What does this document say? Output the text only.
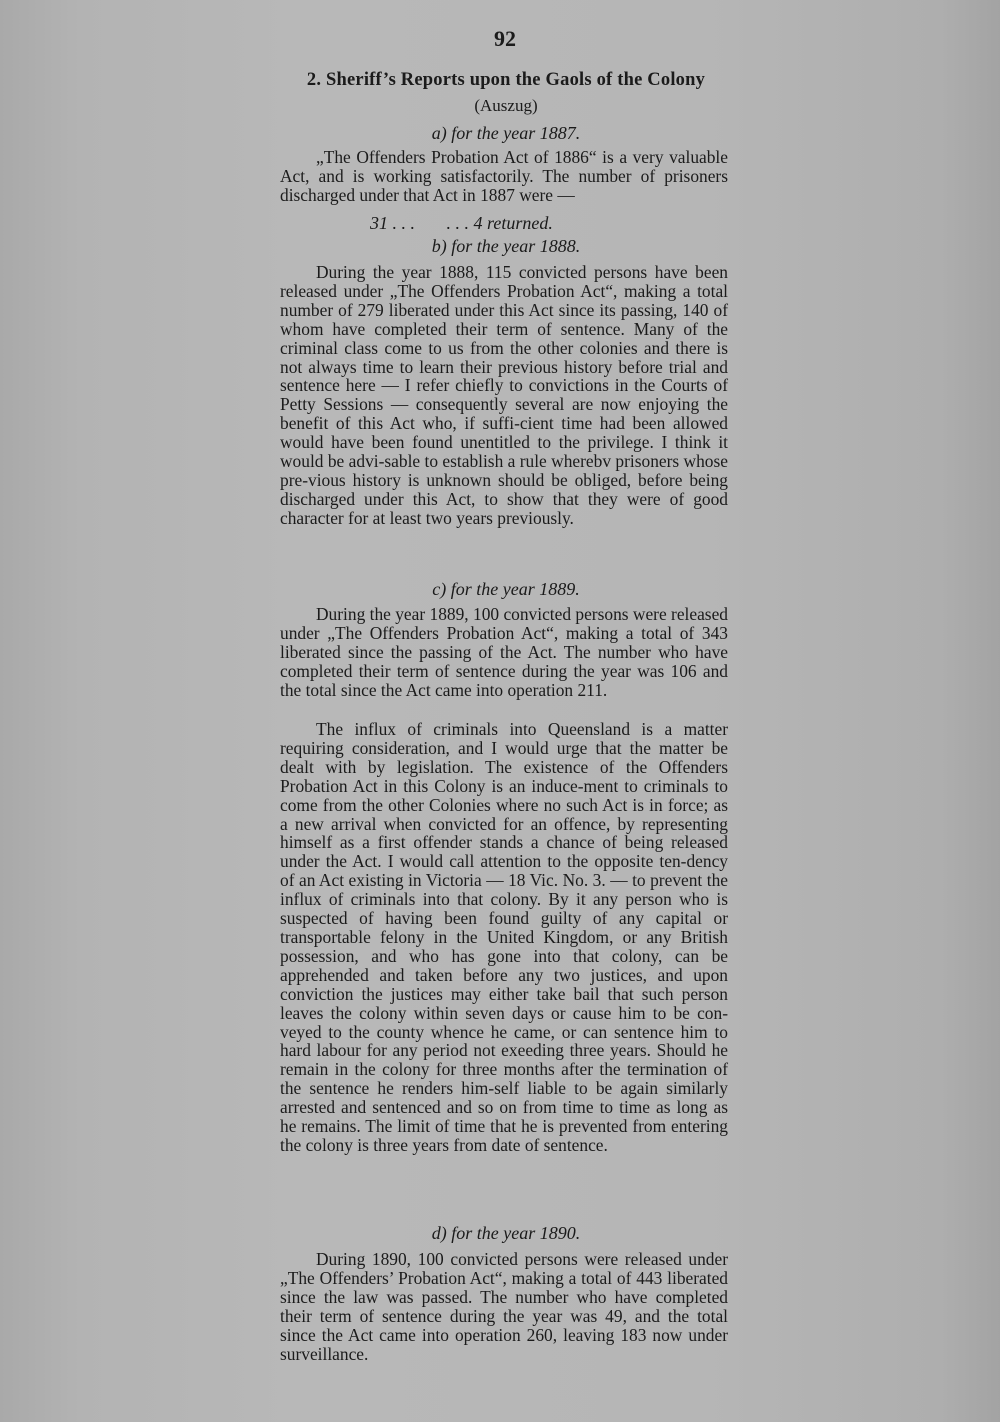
92
2. Sheriff’s Reports upon the Gaols of the Colony
(Auszug)
a) for the year 1887.

„The Offenders Probation Act of 1886“ is a very valuable Act, and is working satisfactorily. The number of prisoners discharged under that Act in 1887 were —

31 . . .       . . . 4 returned.
b) for the year 1888.

During the year 1888, 115 convicted persons have been released under „The Offenders Probation Act“, making a total number of 279 liberated under this Act since its passing, 140 of whom have completed their term of sentence. Many of the criminal class come to us from the other colonies and there is not always time to learn their previous history before trial and sentence here — I refer chiefly to convictions in the Courts of Petty Sessions — consequently several are now enjoying the benefit of this Act who, if suffi-cient time had been allowed would have been found unentitled to the privilege. I think it would be advi-sable to establish a rule wherebv prisoners whose pre-vious history is unknown should be obliged, before being discharged under this Act, to show that they were of good character for at least two years previously.

c) for the year 1889.

During the year 1889, 100 convicted persons were released under „The Offenders Probation Act“, making a total of 343 liberated since the passing of the Act. The number who have completed their term of sentence during the year was 106 and the total since the Act came into operation 211.

The influx of criminals into Queensland is a matter requiring consideration, and I would urge that the matter be dealt with by legislation. The existence of the Offenders Probation Act in this Colony is an induce-ment to criminals to come from the other Colonies where no such Act is in force; as a new arrival when convicted for an offence, by representing himself as a first offender stands a chance of being released under the Act. I would call attention to the opposite ten-dency of an Act existing in Victoria — 18 Vic. No. 3. — to prevent the influx of criminals into that colony. By it any person who is suspected of having been found guilty of any capital or transportable felony in the United Kingdom, or any British possession, and who has gone into that colony, can be apprehended and taken before any two justices, and upon conviction the justices may either take bail that such person leaves the colony within seven days or cause him to be con-veyed to the county whence he came, or can sentence him to hard labour for any period not exeeding three years. Should he remain in the colony for three months after the termination of the sentence he renders him-self liable to be again similarly arrested and sentenced and so on from time to time as long as he remains. The limit of time that he is prevented from entering the colony is three years from date of sentence.

d) for the year 1890.

During 1890, 100 convicted persons were released under „The Offenders’ Probation Act“, making a total of 443 liberated since the law was passed. The number who have completed their term of sentence during the year was 49, and the total since the Act came into operation 260, leaving 183 now under surveillance.
